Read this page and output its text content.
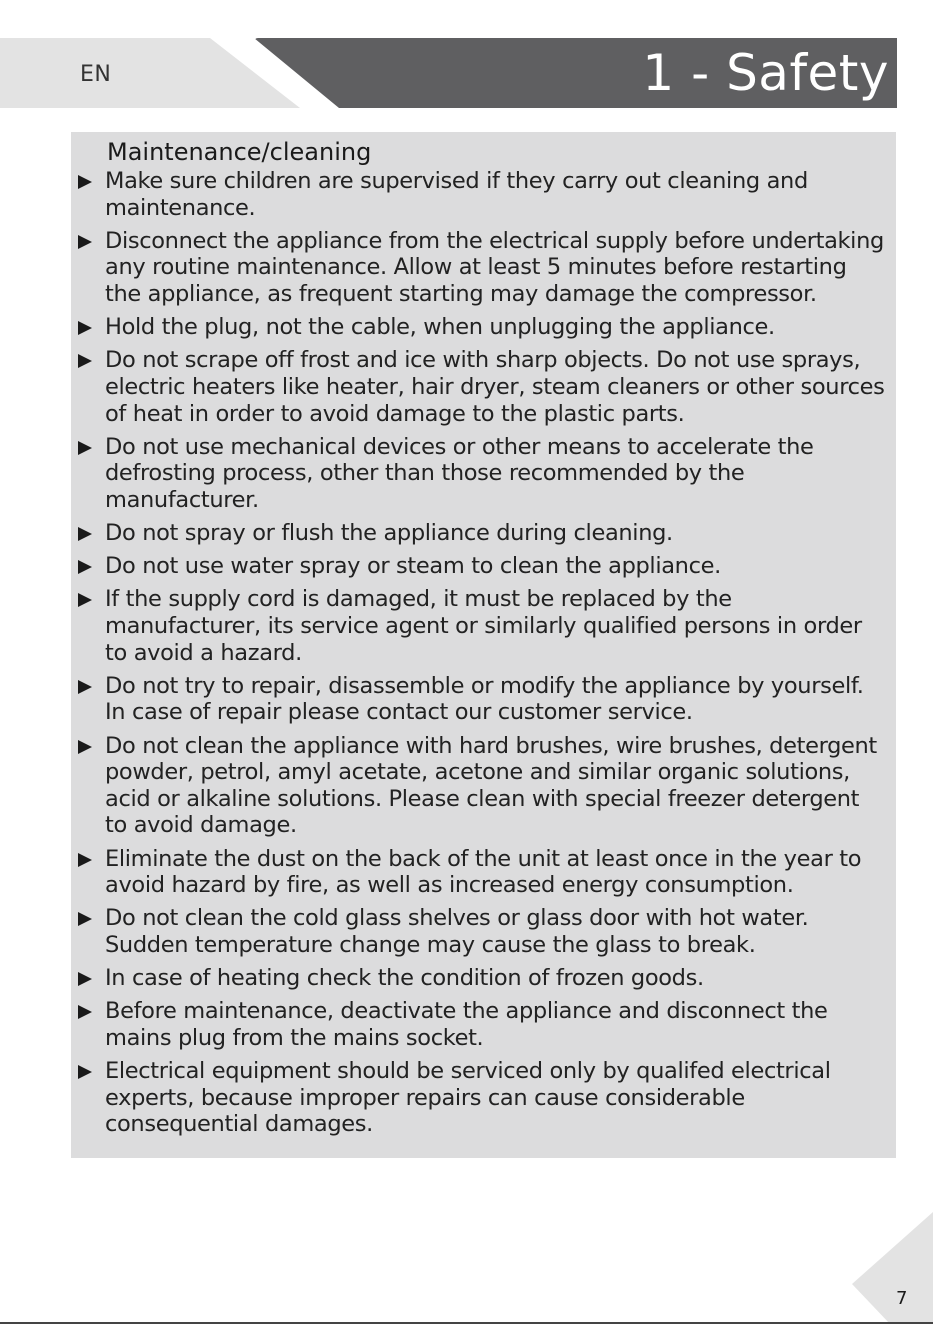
EN	1 - Safety
Maintenance/cleaning
Make sure children are supervised if they carry out cleaning and maintenance.
Disconnect the appliance from the electrical supply before undertaking any routine maintenance. Allow at least 5 minutes before restarting the appliance, as frequent starting may damage the compressor.
Hold the plug, not the cable, when unplugging the appliance.
Do not scrape off frost and ice with sharp objects. Do not use sprays, electric heaters like heater, hair dryer, steam cleaners or other sources of heat in order to avoid damage to the plastic parts.
Do not use mechanical devices or other means to accelerate the defrosting process, other than those recommended by the manufacturer.
Do not spray or flush the appliance during cleaning.
Do not use water spray or steam to clean the appliance.
If the supply cord is damaged, it must be replaced by the manufacturer, its service agent or similarly qualified persons in order to avoid a hazard.
Do not try to repair, disassemble or modify the appliance by yourself. In case of repair please contact our customer service.
Do not clean the appliance with hard brushes, wire brushes, detergent powder, petrol, amyl acetate, acetone and similar organic solutions, acid or alkaline solutions. Please clean with special freezer detergent to avoid damage.
Eliminate the dust on the back of the unit at least once in the year to avoid hazard by fire, as well as increased energy consumption.
Do not clean the cold glass shelves or glass door with hot water. Sudden temperature change may cause the glass to break.
In case of heating check the condition of frozen goods.
Before maintenance, deactivate the appliance and disconnect the mains plug from the mains socket.
Electrical equipment should be serviced only by qualifed electrical experts, because improper repairs can cause considerable consequential damages.
7
